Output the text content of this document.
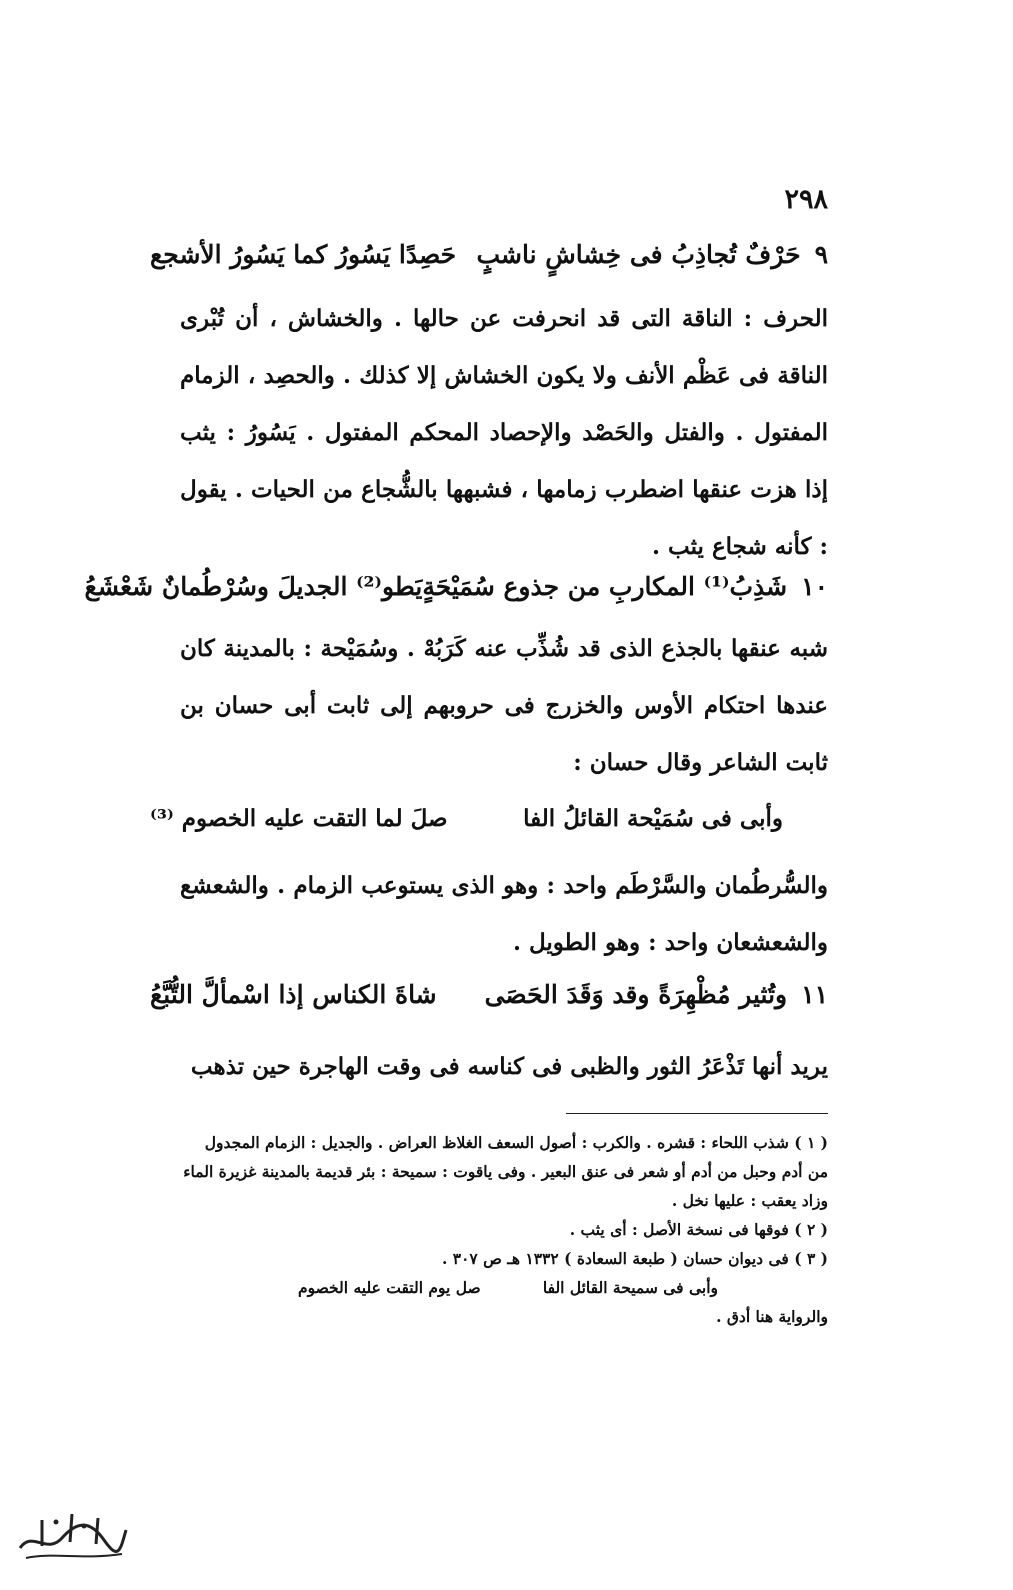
٢٩٨
٩
حَرْفٌ تُجاذِبُ فى خِشاشٍ ناشبٍ
حَصِدًا يَسُورُ كما يَسُورُ الأشجع
الحرف : الناقة التى قد انحرفت عن حالها . والخشاش ، أن تُبْرى الناقة فى عَظْم الأنف ولا يكون الخشاش إلا كذلك . والحصِد ، الزمام المفتول . والفتل والحَصْد والإحصاد المحكم المفتول . يَسُورُ : يثب إذا هزت عنقها اضطرب زمامها ، فشبهها بالشُّجاع من الحيات . يقول : كأنه شجاع يثب .
١٠
شَذِبُ⁽¹⁾ المكاربِ من جذوع سُمَيْحَةٍ
يَطو⁽²⁾ الجديلَ وسُرْطُمانٌ شَعْشَعُ
شبه عنقها بالجذع الذى قد شُذِّب عنه كَرَبُهْ . وسُمَيْحة : بالمدينة كان عندها احتكام الأوس والخزرج فى حروبهم إلى ثابت أبى حسان بن ثابت الشاعر وقال حسان :
وأبى فى سُمَيْحة القائلُ الفا
صلَ لما التقت عليه الخصوم ⁽³⁾
والسُّرطُمان والسَّرْطَم واحد : وهو الذى يستوعب الزمام . والشعشع والشعشعان واحد : وهو الطويل .
١١
وتُثير مُظْهِرَةً وقد وَقَدَ الحَصَى
شاةَ الكناس إذا اسْمألَّ التُّبَّعُ
يريد أنها تَذْعَرُ الثور والظبى فى كناسه فى وقت الهاجرة حين تذهب

( ١ ) شذب اللحاء : قشره . والكرب : أصول السعف الغلاظ العراض . والجديل : الزمام المجدول من أدم وحبل من أدم أو شعر فى عنق البعير . وفى ياقوت : سميحة : بئر قديمة بالمدينة غزيرة الماء وزاد يعقب : عليها نخل .

( ٢ ) فوقها فى نسخة الأصل : أى يثب .

( ٣ ) فى ديوان حسان ( طبعة السعادة ) ١٣٣٢ هـ ص ٣٠٧ .

وأبى فى سميحة القائل الفا
صل يوم التقت عليه الخصوم

والرواية هنا أدق .
